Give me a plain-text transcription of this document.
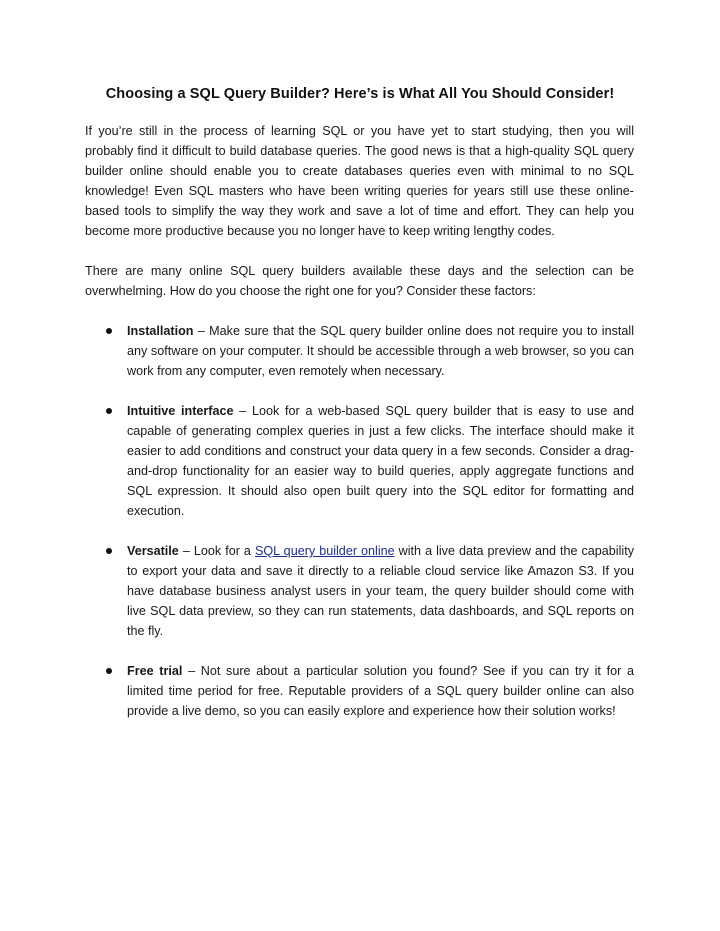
Choosing a SQL Query Builder? Here’s is What All You Should Consider!

If you’re still in the process of learning SQL or you have yet to start studying, then you will probably find it difficult to build database queries. The good news is that a high-quality SQL query builder online should enable you to create databases queries even with minimal to no SQL knowledge! Even SQL masters who have been writing queries for years still use these online-based tools to simplify the way they work and save a lot of time and effort. They can help you become more productive because you no longer have to keep writing lengthy codes.

There are many online SQL query builders available these days and the selection can be overwhelming. How do you choose the right one for you? Consider these factors:

Installation – Make sure that the SQL query builder online does not require you to install any software on your computer. It should be accessible through a web browser, so you can work from any computer, even remotely when necessary.
Intuitive interface – Look for a web-based SQL query builder that is easy to use and capable of generating complex queries in just a few clicks. The interface should make it easier to add conditions and construct your data query in a few seconds. Consider a drag-and-drop functionality for an easier way to build queries, apply aggregate functions and SQL expression. It should also open built query into the SQL editor for formatting and execution.
Versatile – Look for a SQL query builder online with a live data preview and the capability to export your data and save it directly to a reliable cloud service like Amazon S3. If you have database business analyst users in your team, the query builder should come with live SQL data preview, so they can run statements, data dashboards, and SQL reports on the fly.
Free trial – Not sure about a particular solution you found? See if you can try it for a limited time period for free. Reputable providers of a SQL query builder online can also provide a live demo, so you can easily explore and experience how their solution works!
